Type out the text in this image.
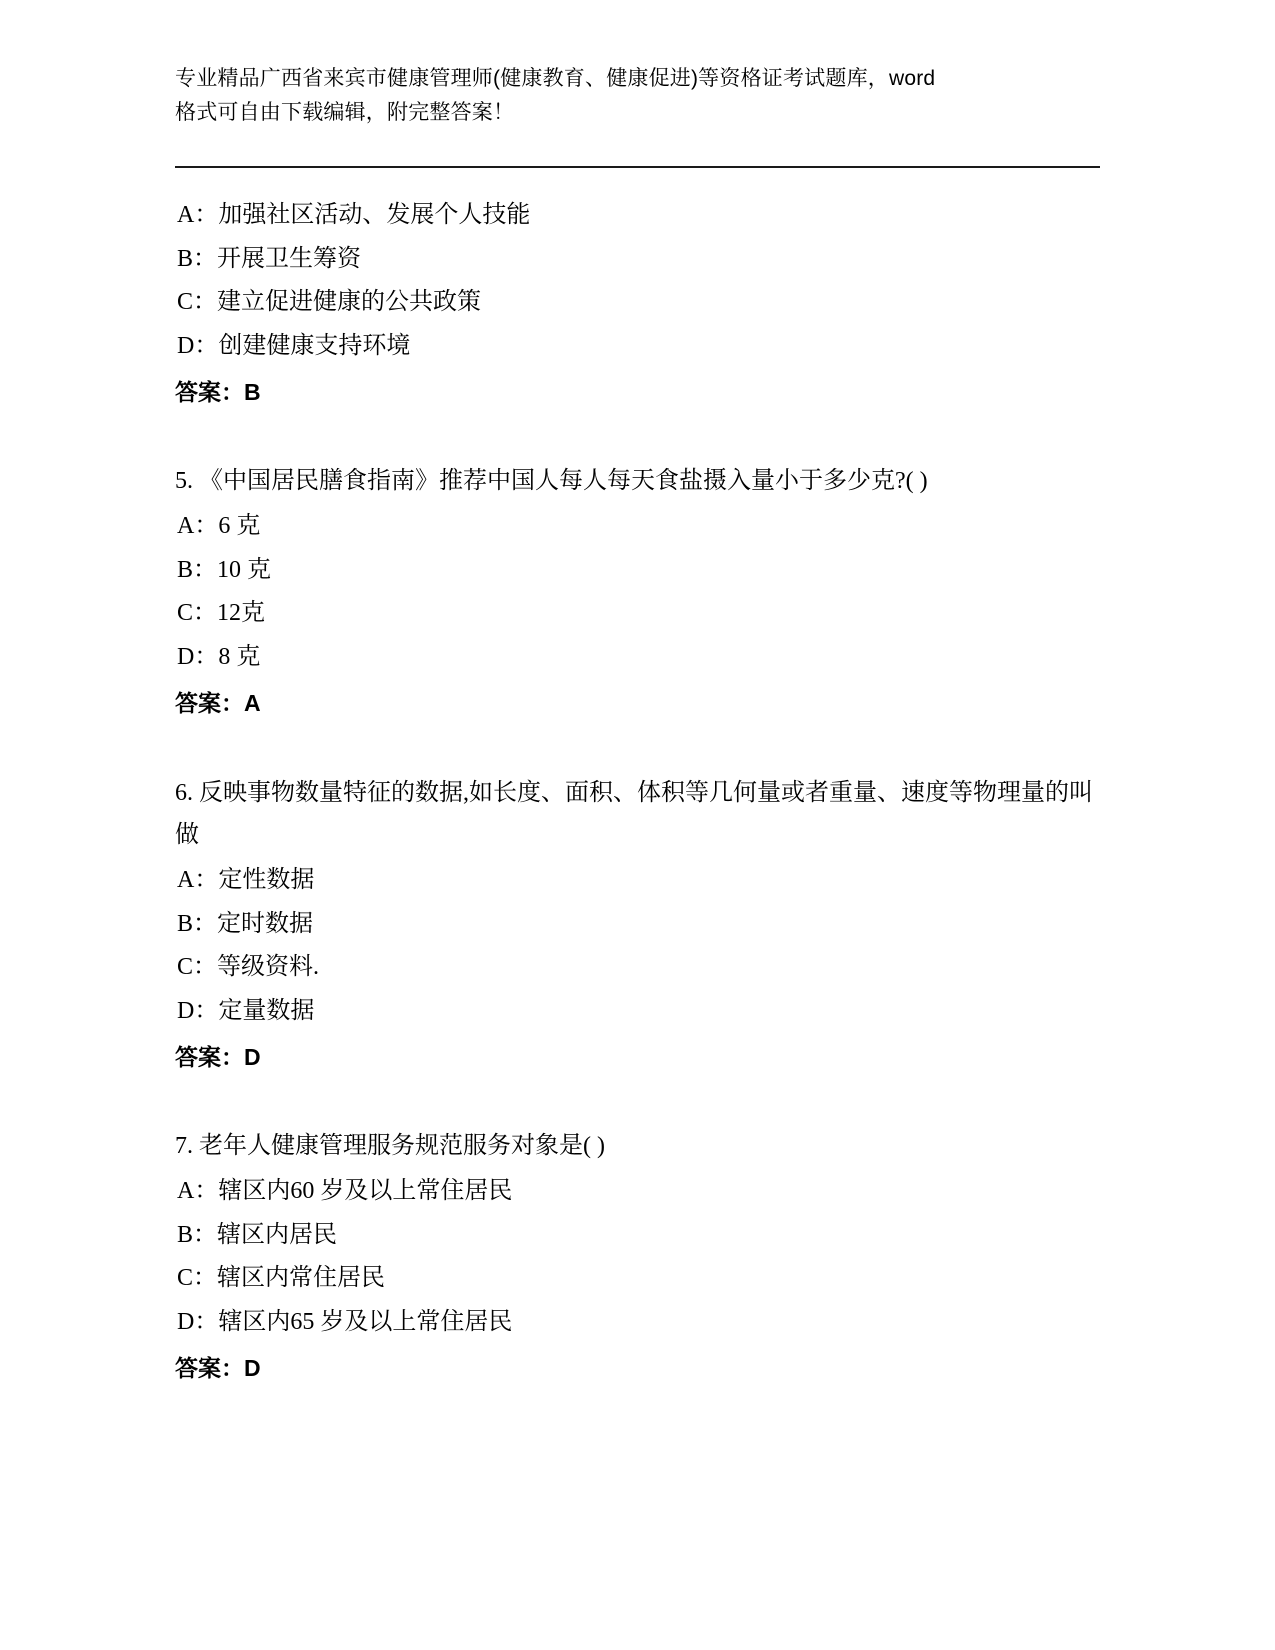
专业精品广西省来宾市健康管理师(健康教育、健康促进)等资格证考试题库，word
格式可自由下载编辑，附完整答案！

A：加强社区活动、发展个人技能

B：开展卫生筹资

C：建立促进健康的公共政策

D：创建健康支持环境

答案：B

5. 《中国居民膳食指南》推荐中国人每人每天食盐摄入量小于多少克?( )

A：6 克

B：10 克

C：12克

D：8 克

答案：A

6. 反映事物数量特征的数据,如长度、面积、体积等几何量或者重量、速度等物理量的叫做

A：定性数据

B：定时数据

C：等级资料.

D：定量数据

答案：D

7. 老年人健康管理服务规范服务对象是( )

A：辖区内60 岁及以上常住居民

B：辖区内居民

C：辖区内常住居民

D：辖区内65 岁及以上常住居民

答案：D
